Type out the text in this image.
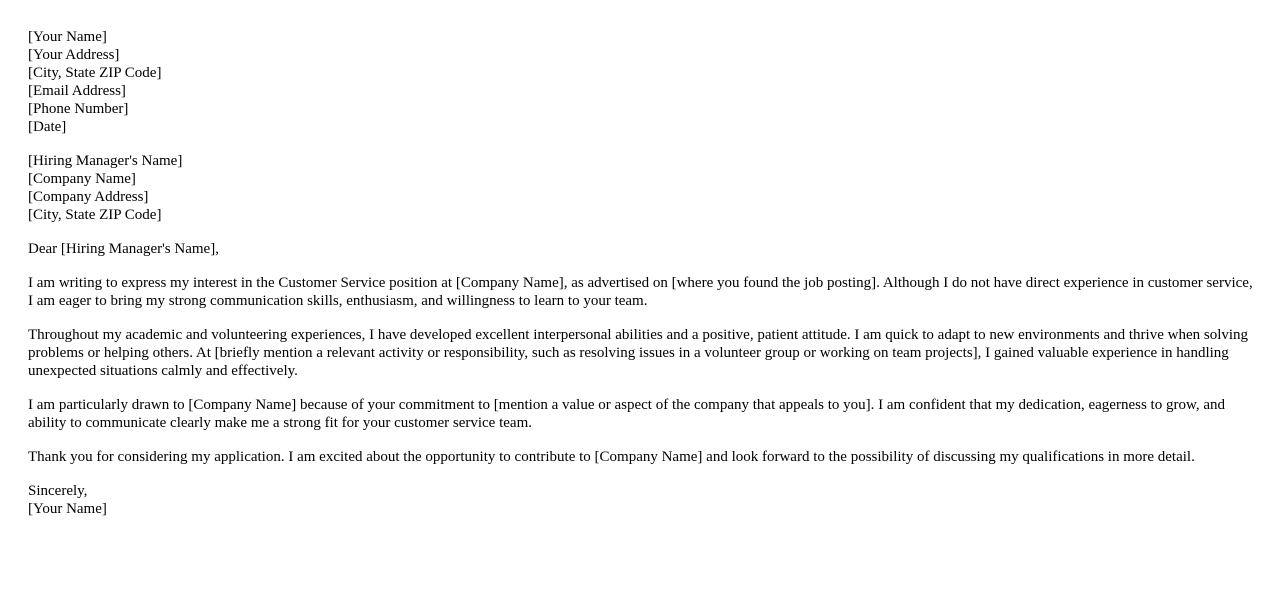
[Your Name]
[Your Address]
[City, State ZIP Code]
[Email Address]
[Phone Number]
[Date]
[Hiring Manager's Name]
[Company Name]
[Company Address]
[City, State ZIP Code]

Dear [Hiring Manager's Name],

I am writing to express my interest in the Customer Service position at [Company Name], as advertised on [where you found the job posting]. Although I do not have direct experience in customer service, I am eager to bring my strong communication skills, enthusiasm, and willingness to learn to your team.

Throughout my academic and volunteering experiences, I have developed excellent interpersonal abilities and a positive, patient attitude. I am quick to adapt to new environments and thrive when solving problems or helping others. At [briefly mention a relevant activity or responsibility, such as resolving issues in a volunteer group or working on team projects], I gained valuable experience in handling unexpected situations calmly and effectively.

I am particularly drawn to [Company Name] because of your commitment to [mention a value or aspect of the company that appeals to you]. I am confident that my dedication, eagerness to grow, and ability to communicate clearly make me a strong fit for your customer service team.

Thank you for considering my application. I am excited about the opportunity to contribute to [Company Name] and look forward to the possibility of discussing my qualifications in more detail.

Sincerely,
[Your Name]
